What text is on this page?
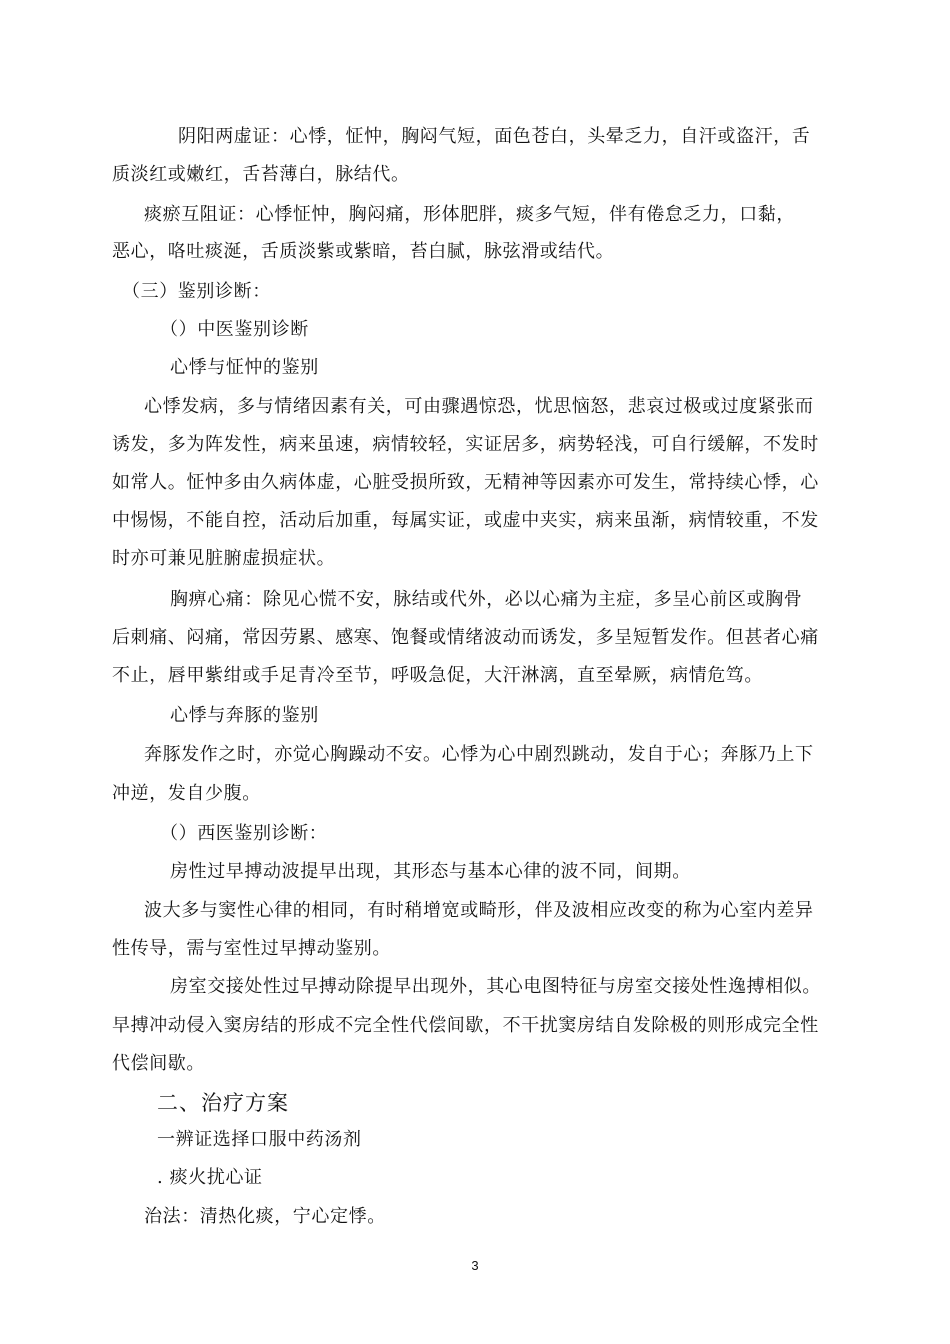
阴阳两虚证：心悸，怔忡，胸闷气短，面色苍白，头晕乏力，自汗或盗汗，舌
质淡红或嫩红，舌苔薄白，脉结代。
痰瘀互阻证：心悸怔忡，胸闷痛，形体肥胖，痰多气短，伴有倦怠乏力，口黏，
恶心，咯吐痰涎，舌质淡紫或紫暗，苔白腻，脉弦滑或结代。
（三）鉴别诊断：
（）中医鉴别诊断
心悸与怔忡的鉴别
心悸发病，多与情绪因素有关，可由骤遇惊恐，忧思恼怒，悲哀过极或过度紧张而
诱发，多为阵发性，病来虽速，病情较轻，实证居多，病势轻浅，可自行缓解，不发时
如常人。怔忡多由久病体虚，心脏受损所致，无精神等因素亦可发生，常持续心悸，心
中惕惕，不能自控，活动后加重，每属实证，或虚中夹实，病来虽渐，病情较重，不发
时亦可兼见脏腑虚损症状。
胸痹心痛：除见心慌不安，脉结或代外，必以心痛为主症，多呈心前区或胸骨
后刺痛、闷痛，常因劳累、感寒、饱餐或情绪波动而诱发，多呈短暂发作。但甚者心痛
不止，唇甲紫绀或手足青冷至节，呼吸急促，大汗淋漓，直至晕厥，病情危笃。
心悸与奔豚的鉴别
奔豚发作之时，亦觉心胸躁动不安。心悸为心中剧烈跳动，发自于心；奔豚乃上下
冲逆，发自少腹。
（）西医鉴别诊断：
房性过早搏动波提早出现，其形态与基本心律的波不同，间期。
波大多与窦性心律的相同，有时稍增宽或畸形，伴及波相应改变的称为心室内差异
性传导，需与室性过早搏动鉴别。
房室交接处性过早搏动除提早出现外，其心电图特征与房室交接处性逸搏相似。
早搏冲动侵入窦房结的形成不完全性代偿间歇，不干扰窦房结自发除极的则形成完全性
代偿间歇。
二、治疗方案
一辨证选择口服中药汤剂
. 痰火扰心证
治法：清热化痰，宁心定悸。
3
